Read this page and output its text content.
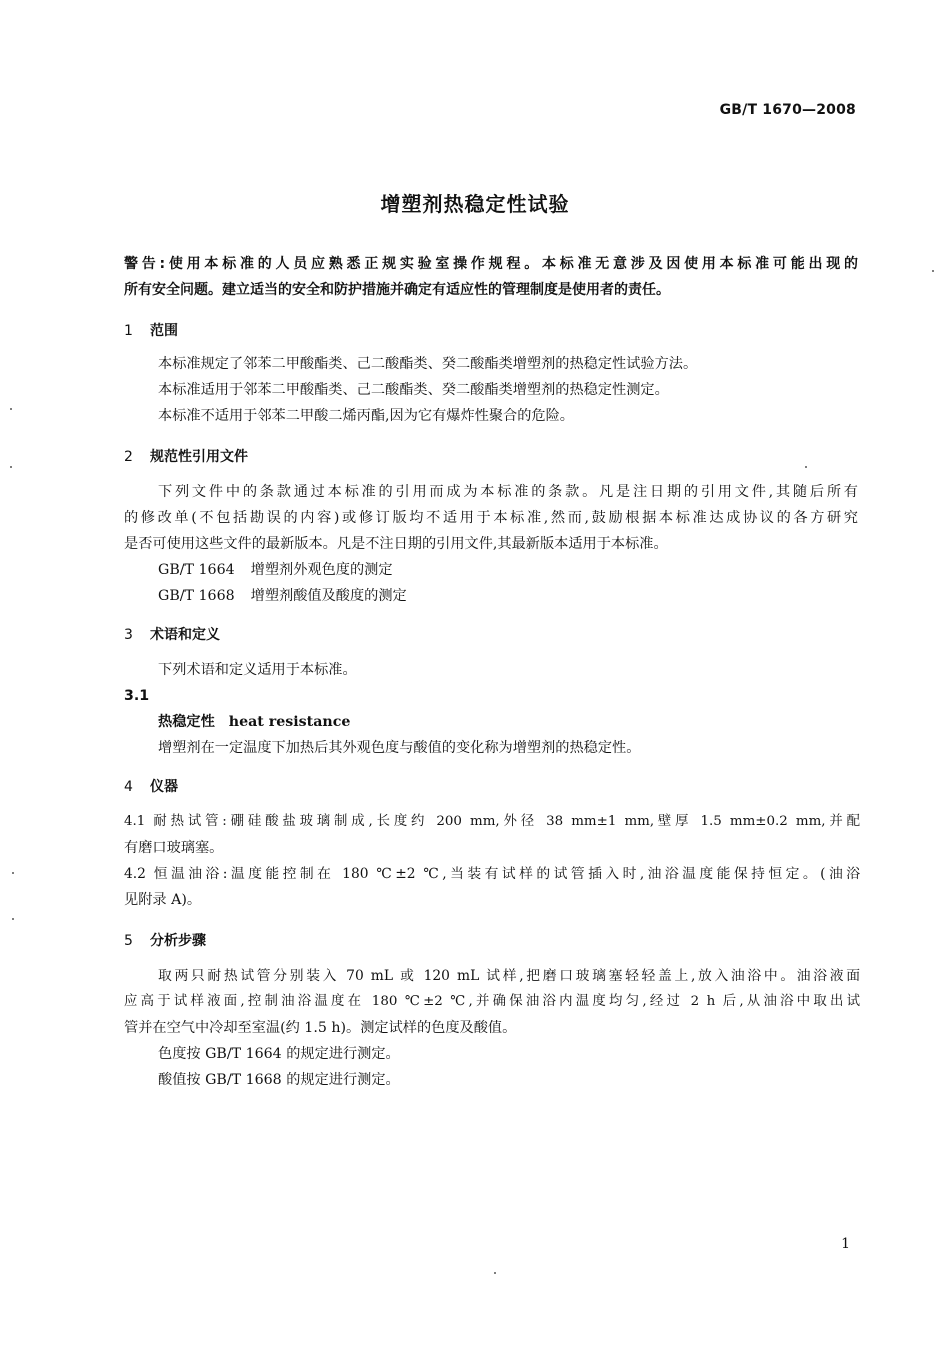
GB/T 1670—2008
增塑剂热稳定性试验
警告:使用本标准的人员应熟悉正规实验室操作规程。本标准无意涉及因使用本标准可能出现的
所有安全问题。建立适当的安全和防护措施并确定有适应性的管理制度是使用者的责任。
1 范围
本标准规定了邻苯二甲酸酯类、己二酸酯类、癸二酸酯类增塑剂的热稳定性试验方法。
本标准适用于邻苯二甲酸酯类、己二酸酯类、癸二酸酯类增塑剂的热稳定性测定。
本标准不适用于邻苯二甲酸二烯丙酯,因为它有爆炸性聚合的危险。
2 规范性引用文件
下列文件中的条款通过本标准的引用而成为本标准的条款。凡是注日期的引用文件,其随后所有
的修改单(不包括勘误的内容)或修订版均不适用于本标准,然而,鼓励根据本标准达成协议的各方研究
是否可使用这些文件的最新版本。凡是不注日期的引用文件,其最新版本适用于本标准。
GB/T 1664 增塑剂外观色度的测定
GB/T 1668 增塑剂酸值及酸度的测定
3 术语和定义
下列术语和定义适用于本标准。
3.1
热稳定性 heat resistance
增塑剂在一定温度下加热后其外观色度与酸值的变化称为增塑剂的热稳定性。
4 仪器
4.1 耐热试管:硼硅酸盐玻璃制成,长度约 200 mm,外径 38 mm±1 mm,壁厚 1.5 mm±0.2 mm,并配
有磨口玻璃塞。
4.2 恒温油浴:温度能控制在 180 ℃±2 ℃,当装有试样的试管插入时,油浴温度能保持恒定。(油浴
见附录 A)。
5 分析步骤
取两只耐热试管分别装入 70 mL 或 120 mL 试样,把磨口玻璃塞轻轻盖上,放入油浴中。油浴液面
应高于试样液面,控制油浴温度在 180 ℃±2 ℃,并确保油浴内温度均匀,经过 2 h 后,从油浴中取出试
管并在空气中冷却至室温(约 1.5 h)。测定试样的色度及酸值。
色度按 GB/T 1664 的规定进行测定。
酸值按 GB/T 1668 的规定进行测定。
1
